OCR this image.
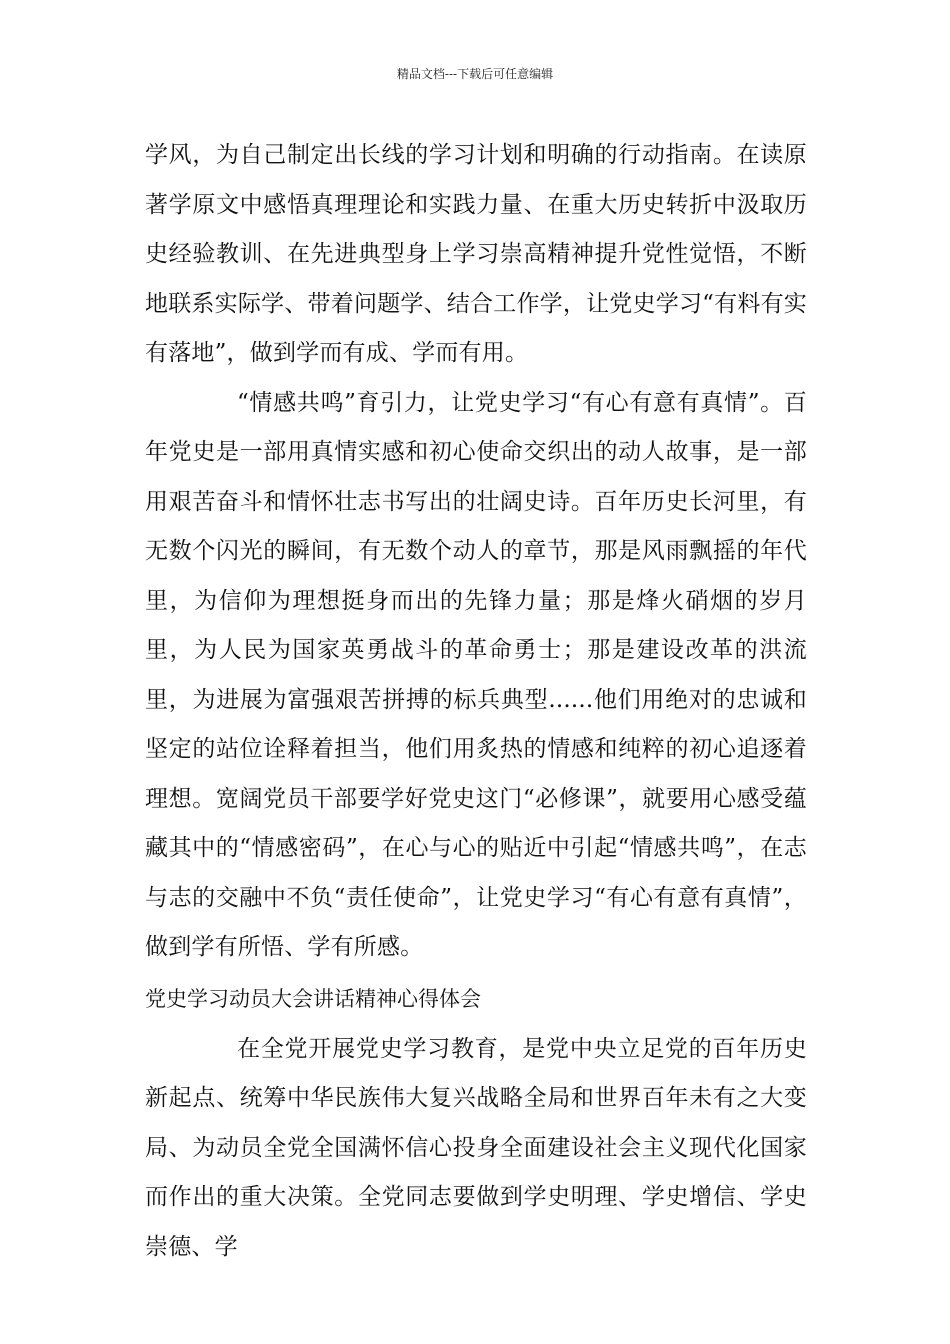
精品文档---下载后可任意编辑

学风，为自己制定出长线的学习计划和明确的行动指南。在读原著学原文中感悟真理理论和实践力量、在重大历史转折中汲取历史经验教训、在先进典型身上学习崇高精神提升党性觉悟，不断地联系实际学、带着问题学、结合工作学，让党史学习“有料有实有落地”，做到学而有成、学而有用。

“情感共鸣”育引力，让党史学习“有心有意有真情”。百年党史是一部用真情实感和初心使命交织出的动人故事，是一部用艰苦奋斗和情怀壮志书写出的壮阔史诗。百年历史长河里，有无数个闪光的瞬间，有无数个动人的章节，那是风雨飘摇的年代里，为信仰为理想挺身而出的先锋力量；那是烽火硝烟的岁月里，为人民为国家英勇战斗的革命勇士；那是建设改革的洪流里，为进展为富强艰苦拼搏的标兵典型......他们用绝对的忠诚和坚定的站位诠释着担当，他们用炙热的情感和纯粹的初心追逐着理想。宽阔党员干部要学好党史这门“必修课”，就要用心感受蕴藏其中的“情感密码”，在心与心的贴近中引起“情感共鸣”，在志与志的交融中不负“责任使命”，让党史学习“有心有意有真情”，做到学有所悟、学有所感。

党史学习动员大会讲话精神心得体会

在全党开展党史学习教育，是党中央立足党的百年历史新起点、统筹中华民族伟大复兴战略全局和世界百年未有之大变局、为动员全党全国满怀信心投身全面建设社会主义现代化国家而作出的重大决策。全党同志要做到学史明理、学史增信、学史崇德、学
